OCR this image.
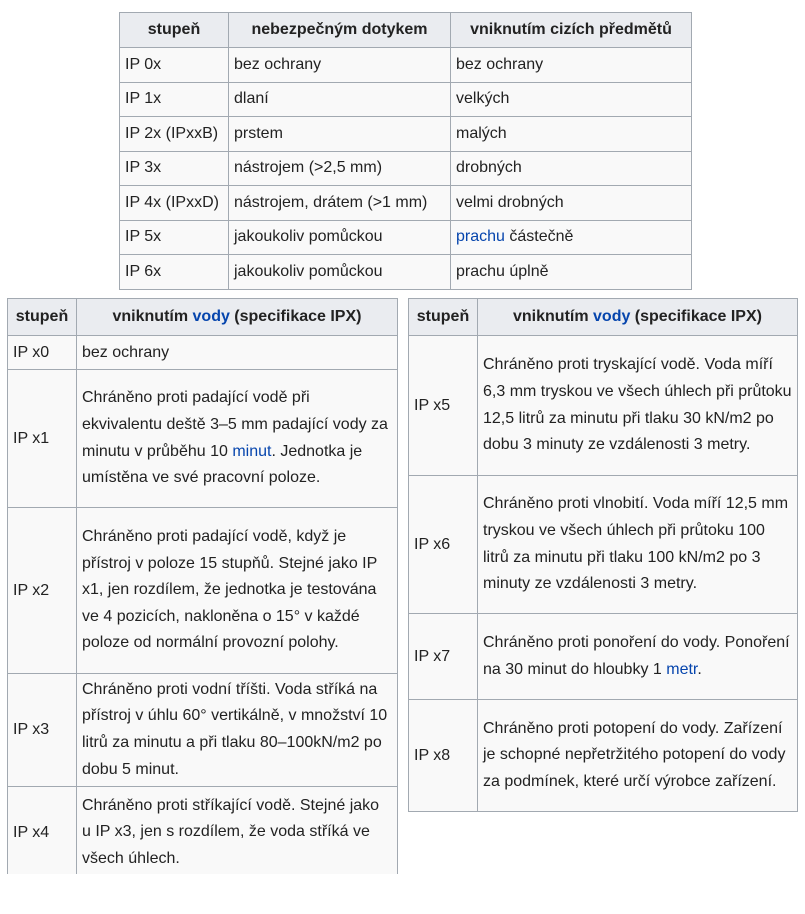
stupeň	nebezpečným dotykem	vniknutím cizích předmětů
IP 0x	bez ochrany	bez ochrany
IP 1x	dlaní	velkých
IP 2x (IPxxB)	prstem	malých
IP 3x	nástrojem (>2,5 mm)	drobných
IP 4x (IPxxD)	nástrojem, drátem (>1 mm)	velmi drobných
IP 5x	jakoukoliv pomůckou	prachu částečně
IP 6x	jakoukoliv pomůckou	prachu úplně
stupeň	vniknutím vody (specifikace IPX)
IP x0	bez ochrany
IP x1	Chráněno proti padající vodě při ekvivalentu deště 3–5 mm padající vody za minutu v průběhu 10 minut. Jednotka je umístěna ve své pracovní poloze.
IP x2	Chráněno proti padající vodě, když je přístroj v poloze 15 stupňů. Stejné jako IP x1, jen rozdílem, že jednotka je testována ve 4 pozicích, nakloněna o 15° v každé poloze od normální provozní polohy.
IP x3	Chráněno proti vodní tříšti. Voda stříká na přístroj v úhlu 60° vertikálně, v množství 10 litrů za minutu a při tlaku 80–100kN/m2 po dobu 5 minut.
IP x4	Chráněno proti stříkající vodě. Stejné jako u IP x3, jen s rozdílem, že voda stříká ve všech úhlech.
stupeň	vniknutím vody (specifikace IPX)
IP x5	Chráněno proti tryskající vodě. Voda míří 6,3 mm tryskou ve všech úhlech při průtoku 12,5 litrů za minutu při tlaku 30 kN/m2 po dobu 3 minuty ze vzdálenosti 3 metry.
IP x6	Chráněno proti vlnobití. Voda míří 12,5 mm tryskou ve všech úhlech při průtoku 100 litrů za minutu při tlaku 100 kN/m2 po 3 minuty ze vzdálenosti 3 metry.
IP x7	Chráněno proti ponoření do vody. Ponoření na 30 minut do hloubky 1 metr.
IP x8	Chráněno proti potopení do vody. Zařízení je schopné nepřetržitého potopení do vody za podmínek, které určí výrobce zařízení.
